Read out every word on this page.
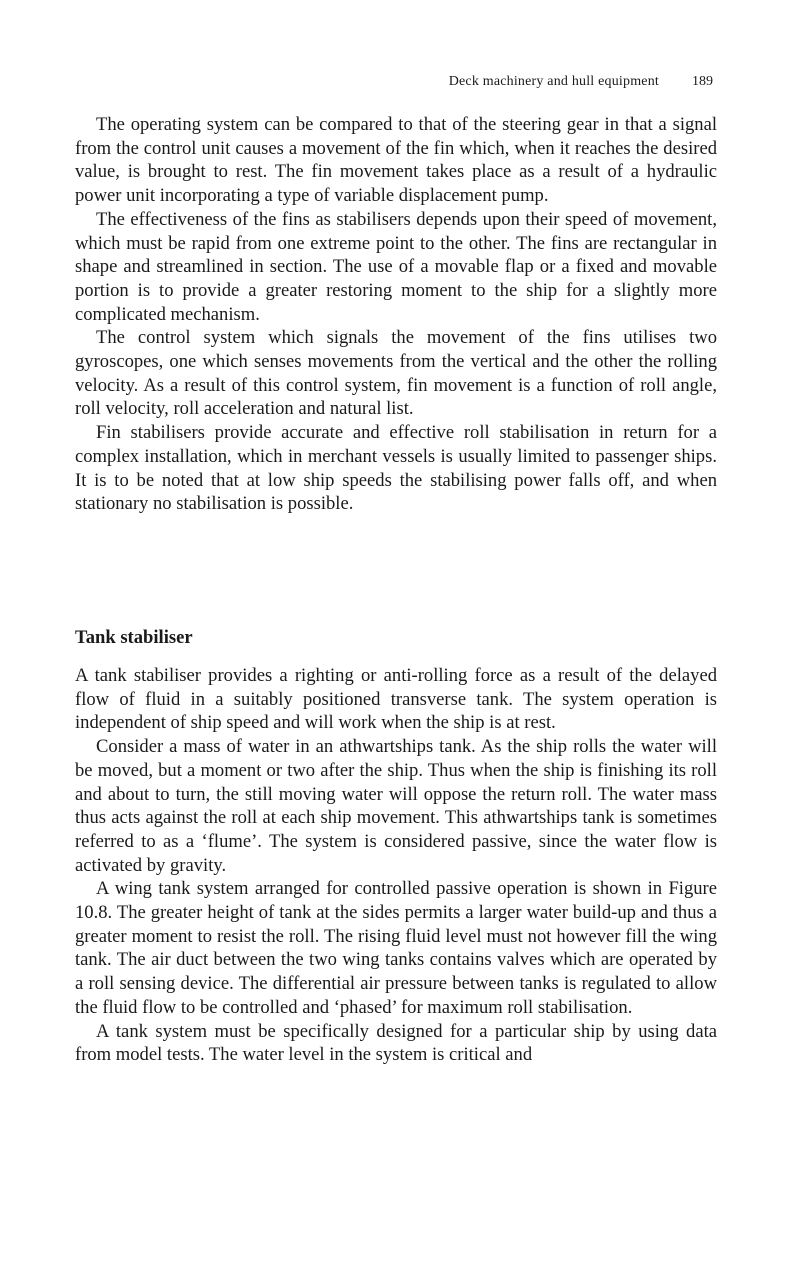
Deck machinery and hull equipment 189

The operating system can be compared to that of the steering gear in that a signal from the control unit causes a movement of the fin which, when it reaches the desired value, is brought to rest. The fin movement takes place as a result of a hydraulic power unit incorporating a type of variable displacement pump.

The effectiveness of the fins as stabilisers depends upon their speed of movement, which must be rapid from one extreme point to the other. The fins are rectangular in shape and streamlined in section. The use of a movable flap or a fixed and movable portion is to provide a greater restoring moment to the ship for a slightly more complicated mechanism.

The control system which signals the movement of the fins utilises two gyroscopes, one which senses movements from the vertical and the other the rolling velocity. As a result of this control system, fin movement is a function of roll angle, roll velocity, roll acceleration and natural list.

Fin stabilisers provide accurate and effective roll stabilisation in return for a complex installation, which in merchant vessels is usually limited to passenger ships. It is to be noted that at low ship speeds the stabilising power falls off, and when stationary no stabilisation is possible.

Tank stabiliser

A tank stabiliser provides a righting or anti-rolling force as a result of the delayed flow of fluid in a suitably positioned transverse tank. The system operation is independent of ship speed and will work when the ship is at rest.

Consider a mass of water in an athwartships tank. As the ship rolls the water will be moved, but a moment or two after the ship. Thus when the ship is finishing its roll and about to turn, the still moving water will oppose the return roll. The water mass thus acts against the roll at each ship movement. This athwartships tank is sometimes referred to as a ‘flume’. The system is considered passive, since the water flow is activated by gravity.

A wing tank system arranged for controlled passive operation is shown in Figure 10.8. The greater height of tank at the sides permits a larger water build-up and thus a greater moment to resist the roll. The rising fluid level must not however fill the wing tank. The air duct between the two wing tanks contains valves which are operated by a roll sensing device. The differential air pressure between tanks is regulated to allow the fluid flow to be controlled and ‘phased’ for maximum roll stabilisation.

A tank system must be specifically designed for a particular ship by using data from model tests. The water level in the system is critical and
